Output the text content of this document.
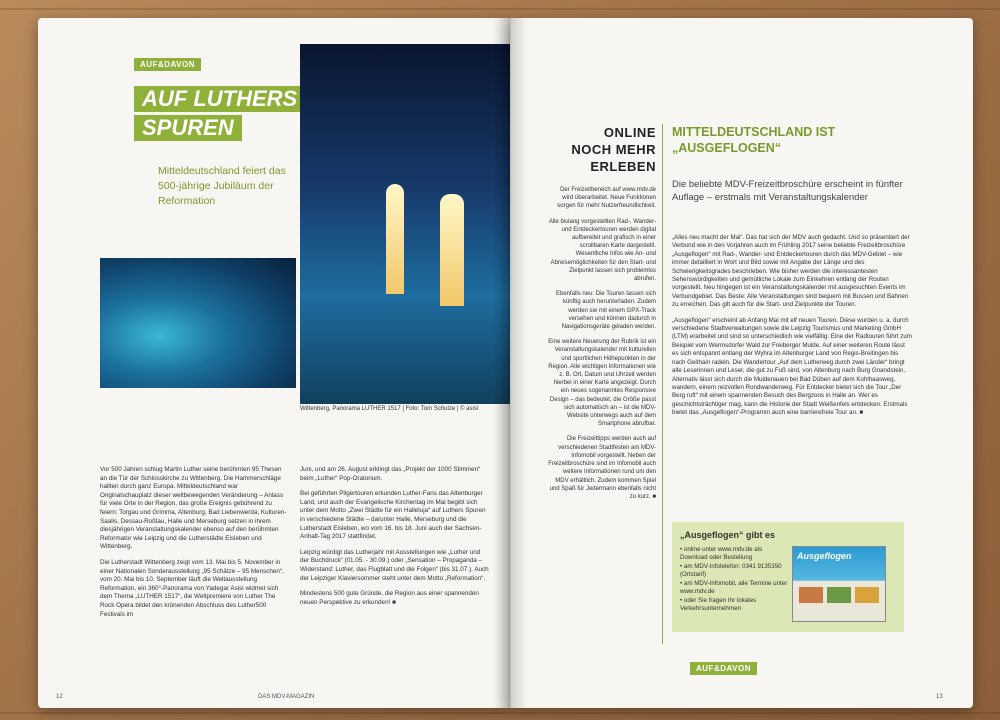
AUF&DAVON
AUF LUTHERS
SPUREN
Mitteldeutschland feiert das 500-jährige Jubiläum der Reformation
Wittenberg, Panorama LUTHER 1517 | Foto: Tom Schulze | © asisi

Vor 500 Jahren schlug Martin Luther seine berühmten 95 Thesen an die Tür der Schlosskirche zu Wittenberg. Die Hammerschläge hallten durch ganz Europa. Mitteldeutschland war Originalschauplatz dieser weltbewegenden Veränderung – Anlass für viele Orte in der Region, das große Ereignis gebührend zu feiern: Torgau und Grimma, Altenburg, Bad Liebenwerda, Kulturen-Saalis, Dessau-Roßlau, Halle und Merseburg setzen in ihrem diesjährigen Veranstaltungskalender ebenso auf den berühmten Reformator wie Leipzig und die Lutherstädte Eisleben und Wittenberg.

Die Lutherstadt Wittenberg zeigt vom 13. Mai bis 5. November in einer Nationalen Sonderausstellung „95 Schätze – 95 Menschen“, vom 20. Mai bis 10. September läuft die Weltausstellung Reformation, ein 360°-Panorama von Yadegar Asisi widmet sich dem Thema „LUTHER 1517“, die Weltpremiere von Luther The Rock Opera bildet den krönenden Abschluss des Luther500 Festivals im

Juni, und am 26. August erklingt das „Projekt der 1000 Stimmen“ beim „Luther“ Pop-Oratorium.

Bei geführten Pilgertouren erkunden Luther-Fans das Altenburger Land, und auch der Evangelische Kirchentag im Mai begibt sich unter dem Motto „Zwei Städte für ein Halleluja“ auf Luthers Spuren in verschiedene Städte – darunter Halle, Merseburg und die Lutherstadt Eisleben, wo vom 16. bis 18. Juni auch der Sachsen-Anhalt-Tag 2017 stattfindet.

Leipzig würdigt das Lutherjahr mit Ausstellungen wie „Luther und der Buchdruck“ (01.05. - 30.09.) oder „Sensation – Propaganda – Widerstand: Luther, das Flugblatt und die Folgen“ (bis 31.07.). Auch der Leipziger Klaviersommer steht unter dem Motto „Reformation“.

Mindestens 500 gute Gründe, die Region aus einer spannenden neuen Perspektive zu erkunden! ■

12	DAS MDV-MAGAZIN
ONLINE
NOCH MEHR
ERLEBEN

Der Freizeitbereich auf www.mdv.de wird überarbeitet. Neue Funktionen sorgen für mehr Nutzerfreundlichkeit.

Alle bislang vorgestellten Rad-, Wander- und Entdeckertouren werden digital aufbereitet und grafisch in einer scrollbaren Karte dargestellt. Wesentliche Infos wie An- und Abreisemöglichkeiten für den Start- und Zielpunkt lassen sich problemlos abrufen.

Ebenfalls neu: Die Touren lassen sich künftig auch herunterladen. Zudem werden sie mit einem GPX-Track versehen und können dadurch in Navigationsgeräte geladen werden.

Eine weitere Neuerung der Rubrik ist ein Veranstaltungskalender mit kulturellen und sportlichen Höhepunkten in der Region. Alle wichtigen Informationen wie z. B. Ort, Datum und Uhrzeit werden hierbei in einer Karte angezeigt. Durch ein neues sogenanntes Responsive Design – das bedeutet, die Größe passt sich automatisch an – ist die MDV-Website unterwegs auch auf dem Smartphone abrufbar.

Die Freizeittipps werden auch auf verschiedenen Stadtfesten am MDV-Infomobil vorgestellt. Neben der Freizeitbroschüre sind im Infomobil auch weitere Informationen rund um den MDV erhältlich. Zudem kommen Spiel und Spaß für Jedermann ebenfalls nicht zu kurz. ■

MITTELDEUTSCHLAND IST
„AUSGEFLOGEN“
Die beliebte MDV-Freizeitbroschüre erscheint in fünfter Auflage – erstmals mit Veranstaltungskalender

„Alles neu macht der Mai“. Das hat sich der MDV auch gedacht. Und so präsentiert der Verbund wie in den Vorjahren auch im Frühling 2017 seine beliebte Freizeitbroschüre „Ausgeflogen“ mit Rad-, Wander- und Entdeckertouren durch das MDV-Gebiet – wie immer detailliert in Wort und Bild sowie mit Angabe der Länge und des Schwierigkeitsgrades beschrieben. Wie bisher werden die interessantesten Sehenswürdigkeiten und gemütliche Lokale zum Einkehren entlang der Routen vorgestellt. Neu hingegen ist ein Veranstaltungskalender mit ausgesuchten Events im Verbundgebiet. Das Beste: Alle Veranstaltungen sind bequem mit Bussen und Bahnen zu erreichen. Das gilt auch für die Start- und Zielpunkte der Touren.

„Ausgeflogen“ erscheint ab Anfang Mai mit elf neuen Touren. Diese wurden u. a. durch verschiedene Stadtverwaltungen sowie die Leipzig Tourismus und Marketing GmbH (LTM) erarbeitet und sind so unterschiedlich wie vielfältig: Eine der Radtouren führt zum Beispiel vom Wermsdorfer Wald zur Freiberger Mulde. Auf einer weiteren Route lässt es sich entspannt entlang der Wyhra im Altenburger Land von Regis-Breitingen bis nach Geithain radeln. Die Wandertour „Auf dem Lutherweg durch zwei Länder“ bringt alle Leserinnen und Leser, die gut zu Fuß sind, von Altenburg nach Burg Gnandstein. Alternativ lässt sich durch die Muldenauen bei Bad Düben auf dem Kohlhaasweg, wandern, einem reizvollen Rundwanderweg. Für Entdecker bietet sich die Tour „Der Berg ruft“ mit einem spannenden Besuch des Bergzoos in Halle an. Wer es geschichtsträchtiger mag, kann die Historie der Stadt Weißenfels entdecken. Erstmals bietet das „Ausgeflogen“-Programm auch eine barrierefreie Tour an. ■

„Ausgeflogen“ gibt es
• online unter www.mdv.de als Download oder Bestellung
• am MDV-Infotelefon: 0341 9135350 (Ortstarif)
• am MDV-Infomobil, alle Termine unter www.mdv.de
• oder Sie fragen Ihr lokales Verkehrsunternehmen
Ausgeflogen
AUF&DAVON
13
